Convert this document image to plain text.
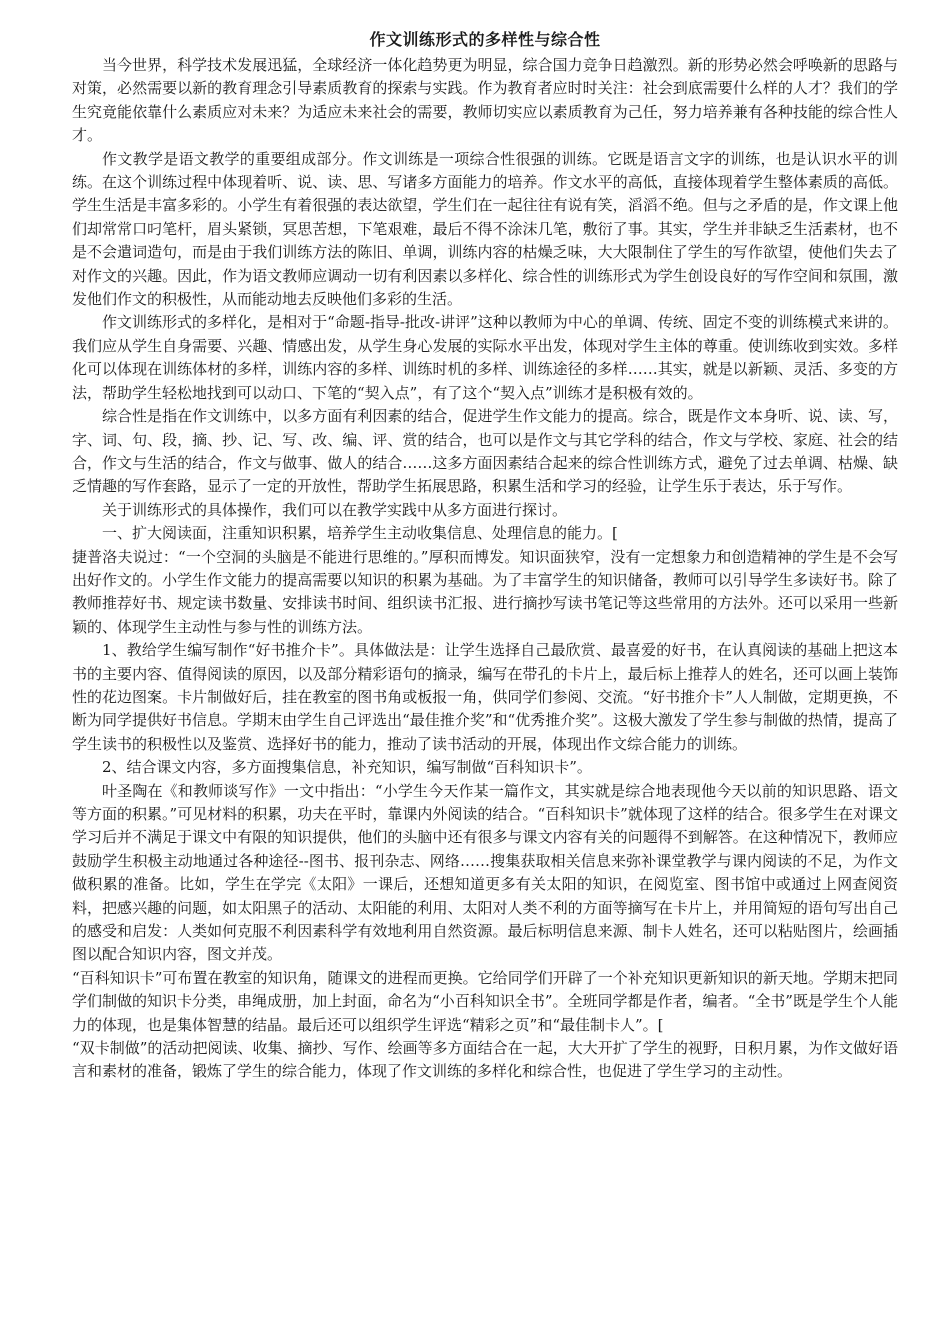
作文训练形式的多样性与综合性

当今世界，科学技术发展迅猛，全球经济一体化趋势更为明显，综合国力竞争日趋激烈。新的形势必然会呼唤新的思路与对策，必然需要以新的教育理念引导素质教育的探索与实践。作为教育者应时时关注：社会到底需要什么样的人才？我们的学生究竟能依靠什么素质应对未来？为适应未来社会的需要，教师切实应以素质教育为己任，努力培养兼有各种技能的综合性人才。

作文教学是语文教学的重要组成部分。作文训练是一项综合性很强的训练。它既是语言文字的训练，也是认识水平的训练。在这个训练过程中体现着听、说、读、思、写诸多方面能力的培养。作文水平的高低，直接体现着学生整体素质的高低。学生生活是丰富多彩的。小学生有着很强的表达欲望，学生们在一起往往有说有笑，滔滔不绝。但与之矛盾的是，作文课上他们却常常口叼笔杆，眉头紧锁，冥思苦想，下笔艰难，最后不得不涂沫几笔，敷衍了事。其实，学生并非缺乏生活素材，也不是不会遣词造句，而是由于我们训练方法的陈旧、单调，训练内容的枯燥乏味，大大限制住了学生的写作欲望，使他们失去了对作文的兴趣。因此，作为语文教师应调动一切有利因素以多样化、综合性的训练形式为学生创设良好的写作空间和氛围，激发他们作文的积极性，从而能动地去反映他们多彩的生活。

作文训练形式的多样化，是相对于“命题-指导-批改-讲评”这种以教师为中心的单调、传统、固定不变的训练模式来讲的。我们应从学生自身需要、兴趣、情感出发，从学生身心发展的实际水平出发，体现对学生主体的尊重。使训练收到实效。多样化可以体现在训练体材的多样，训练内容的多样、训练时机的多样、训练途径的多样……其实，就是以新颖、灵活、多变的方法，帮助学生轻松地找到可以动口、下笔的“契入点”，有了这个“契入点”训练才是积极有效的。

综合性是指在作文训练中，以多方面有利因素的结合，促进学生作文能力的提高。综合，既是作文本身听、说、读、写，字、词、句、段，摘、抄、记、写、改、编、评、赏的结合，也可以是作文与其它学科的结合，作文与学校、家庭、社会的结合，作文与生活的结合，作文与做事、做人的结合……这多方面因素结合起来的综合性训练方式，避免了过去单调、枯燥、缺乏情趣的写作套路，显示了一定的开放性，帮助学生拓展思路，积累生活和学习的经验，让学生乐于表达，乐于写作。

关于训练形式的具体操作，我们可以在教学实践中从多方面进行探讨。

一、扩大阅读面，注重知识积累，培养学生主动收集信息、处理信息的能力。[

捷普洛夫说过：“一个空洞的头脑是不能进行思维的。”厚积而博发。知识面狭窄，没有一定想象力和创造精神的学生是不会写出好作文的。小学生作文能力的提高需要以知识的积累为基础。为了丰富学生的知识储备，教师可以引导学生多读好书。除了教师推荐好书、规定读书数量、安排读书时间、组织读书汇报、进行摘抄写读书笔记等这些常用的方法外。还可以采用一些新颖的、体现学生主动性与参与性的训练方法。

1、教给学生编写制作“好书推介卡”。具体做法是：让学生选择自己最欣赏、最喜爱的好书，在认真阅读的基础上把这本书的主要内容、值得阅读的原因，以及部分精彩语句的摘录，编写在带孔的卡片上，最后标上推荐人的姓名，还可以画上装饰性的花边图案。卡片制做好后，挂在教室的图书角或板报一角，供同学们参阅、交流。“好书推介卡”人人制做，定期更换，不断为同学提供好书信息。学期末由学生自己评选出“最佳推介奖”和“优秀推介奖”。这极大激发了学生参与制做的热情，提高了学生读书的积极性以及鉴赏、选择好书的能力，推动了读书活动的开展，体现出作文综合能力的训练。

2、结合课文内容，多方面搜集信息，补充知识，编写制做“百科知识卡”。

叶圣陶在《和教师谈写作》一文中指出：“小学生今天作某一篇作文，其实就是综合地表现他今天以前的知识思路、语文等方面的积累。”可见材料的积累，功夫在平时，靠课内外阅读的结合。“百科知识卡”就体现了这样的结合。很多学生在对课文学习后并不满足于课文中有限的知识提供，他们的头脑中还有很多与课文内容有关的问题得不到解答。在这种情况下，教师应鼓励学生积极主动地通过各种途径--图书、报刊杂志、网络……搜集获取相关信息来弥补课堂教学与课内阅读的不足，为作文做积累的准备。比如，学生在学完《太阳》一课后，还想知道更多有关太阳的知识，在阅览室、图书馆中或通过上网查阅资料，把感兴趣的问题，如太阳黑子的活动、太阳能的利用、太阳对人类不利的方面等摘写在卡片上，并用简短的语句写出自己的感受和启发：人类如何克服不利因素科学有效地利用自然资源。最后标明信息来源、制卡人姓名，还可以粘贴图片，绘画插图以配合知识内容，图文并茂。

“百科知识卡”可布置在教室的知识角，随课文的进程而更换。它给同学们开辟了一个补充知识更新知识的新天地。学期末把同学们制做的知识卡分类，串绳成册，加上封面，命名为“小百科知识全书”。全班同学都是作者，编者。“全书”既是学生个人能力的体现，也是集体智慧的结晶。最后还可以组织学生评选“精彩之页”和“最佳制卡人”。[

“双卡制做”的活动把阅读、收集、摘抄、写作、绘画等多方面结合在一起，大大开扩了学生的视野，日积月累，为作文做好语言和素材的准备，锻炼了学生的综合能力，体现了作文训练的多样化和综合性，也促进了学生学习的主动性。
